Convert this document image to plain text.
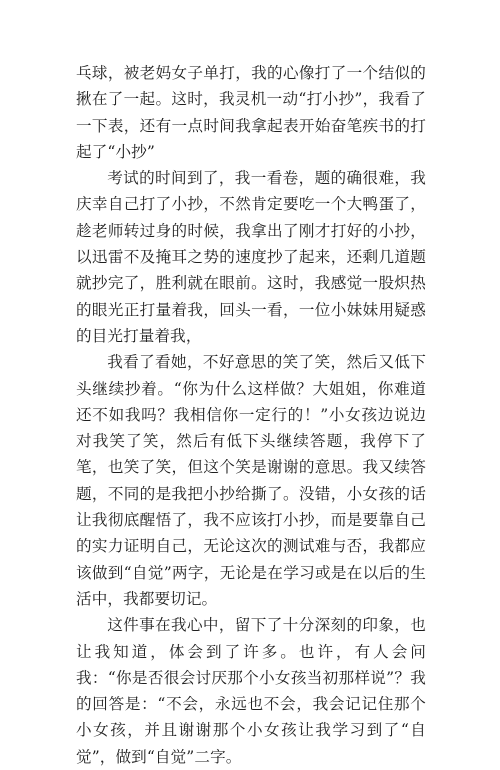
乓球，被老妈女子单打，我的心像打了一个结似的揪在了一起。这时，我灵机一动“打小抄”，我看了一下表，还有一点时间我拿起表开始奋笔疾书的打起了“小抄”

考试的时间到了，我一看卷，题的确很难，我庆幸自己打了小抄，不然肯定要吃一个大鸭蛋了，趁老师转过身的时候，我拿出了刚才打好的小抄，以迅雷不及掩耳之势的速度抄了起来，还剩几道题就抄完了，胜利就在眼前。这时，我感觉一股炽热的眼光正打量着我，回头一看，一位小妹妹用疑惑的目光打量着我，

我看了看她，不好意思的笑了笑，然后又低下头继续抄着。“你为什么这样做？大姐姐，你难道还不如我吗？我相信你一定行的！”小女孩边说边对我笑了笑，然后有低下头继续答题，我停下了笔，也笑了笑，但这个笑是谢谢的意思。我又续答题，不同的是我把小抄给撕了。没错，小女孩的话让我彻底醒悟了，我不应该打小抄，而是要靠自己的实力证明自己，无论这次的测试难与否，我都应该做到“自觉”两字，无论是在学习或是在以后的生活中，我都要切记。

这件事在我心中，留下了十分深刻的印象，也让我知道，体会到了许多。也许，有人会问我：“你是否很会讨厌那个小女孩当初那样说”？我的回答是：“不会，永远也不会，我会记记住那个小女孩，并且谢谢那个小女孩让我学习到了“自觉”，做到“自觉”二字。
